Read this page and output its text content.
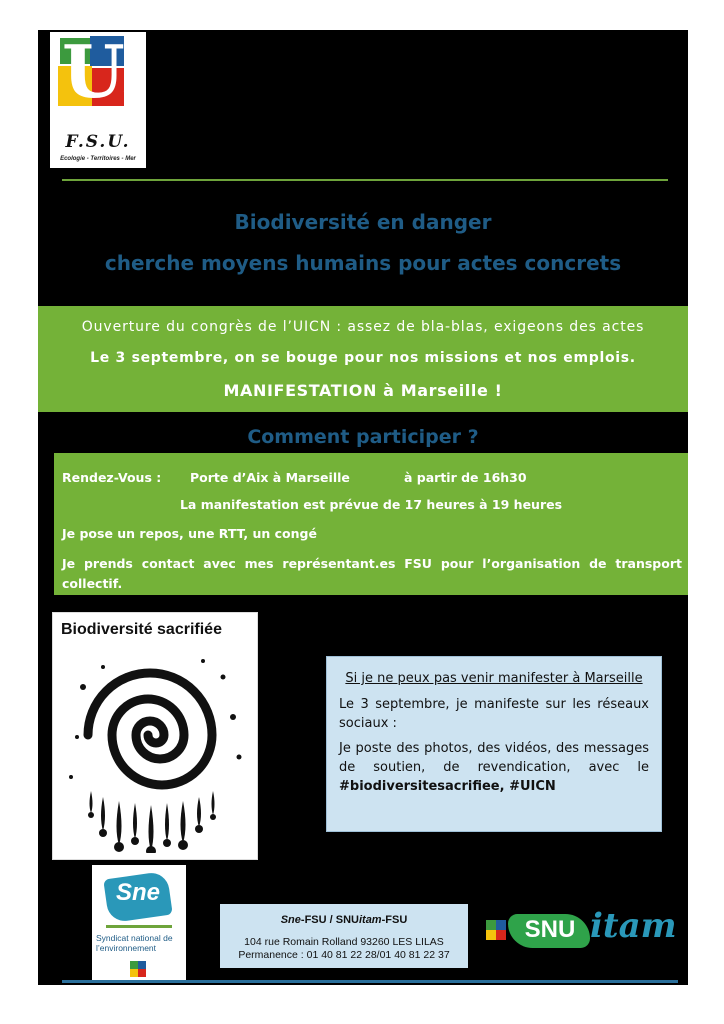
U.
F.S.U.
Ecologie - Territoires - Mer
Biodiversité en danger
cherche moyens humains pour actes concrets
Ouverture du congrès de l’UICN : assez de bla-blas, exigeons des actes
Le 3 septembre, on se bouge pour nos missions et nos emplois.
MANIFESTATION à Marseille !
Comment participer ?
Rendez-Vous : Porte d’Aix à Marseille	à partir de 16h30
La manifestation est prévue de 17 heures à 19 heures
Je pose un repos, une RTT, un congé
Je prends contact avec mes représentant.es FSU pour l’organisation de transport collectif.
Biodiversité sacrifiée
Si je ne peux pas venir manifester à Marseille
Le 3 septembre, je manifeste sur les réseaux sociaux :
Je poste des photos, des vidéos, des messages de soutien, de revendication, avec le #biodiversitesacrifiee, #UICN
Sne
Syndicat national de l’environnement
Sne-FSU / SNUitam-FSU
104 rue Romain Rolland 93260 LES LILAS
Permanence : 01 40 81 22 28/01 40 81 22 37
SNU itam
